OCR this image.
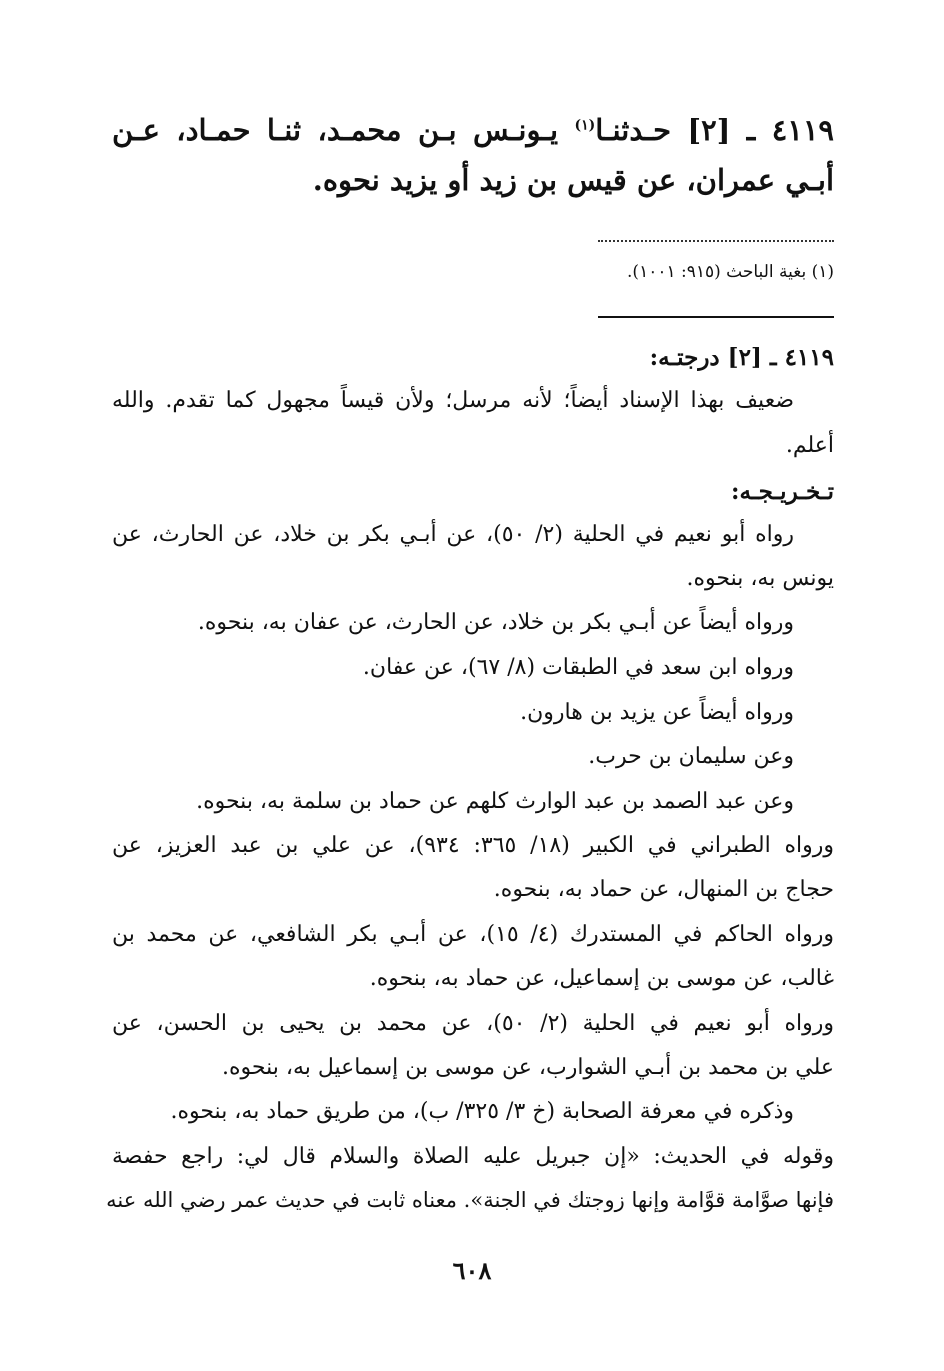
٤١١٩ ـ [٢] حـدثنـا$^{(١)}$ يـونـس بـن محمـد، ثنـا حمـاد، عـن
أبـي عمران، عن قيس بن زيد أو يزيد نحوه.
(١) بغية الباحث (٩١٥: ١٠٠١).
٤١١٩ ـ [٢] درجتـه:
ضعيف بهذا الإسناد أيضاً؛ لأنه مرسل؛ ولأن قيساً مجهول كما تقدم. والله
أعلم.
تـخـريـجـه:
رواه أبو نعيم في الحلية (٢/ ٥٠)، عن أبـي بكر بن خلاد، عن الحارث، عن
يونس به، بنحوه.
ورواه أيضاً عن أبـي بكر بن خلاد، عن الحارث، عن عفان به، بنحوه.
ورواه ابن سعد في الطبقات (٨/ ٦٧)، عن عفان.
ورواه أيضاً عن يزيد بن هارون.
وعن سليمان بن حرب.
وعن عبد الصمد بن عبد الوارث كلهم عن حماد بن سلمة به، بنحوه.
ورواه الطبراني في الكبير (١٨/ ٣٦٥: ٩٣٤)، عن علي بن عبد العزيز، عن
حجاج بن المنهال، عن حماد به، بنحوه.
ورواه الحاكم في المستدرك (٤/ ١٥)، عن أبـي بكر الشافعي، عن محمد بن
غالب، عن موسى بن إسماعيل، عن حماد به، بنحوه.
ورواه أبو نعيم في الحلية (٢/ ٥٠)، عن محمد بن يحيى بن الحسن، عن
علي بن محمد بن أبـي الشوارب، عن موسى بن إسماعيل به، بنحوه.
وذكره في معرفة الصحابة (خ ٣/ ٣٢٥/ ب)، من طريق حماد به، بنحوه.
وقوله في الحديث: «إن جبريل عليه الصلاة والسلام قال لي: راجع حفصة
فإنها صوَّامة قوَّامة وإنها زوجتك في الجنة». معناه ثابت في حديث عمر رضي الله عنه
٦٠٨
